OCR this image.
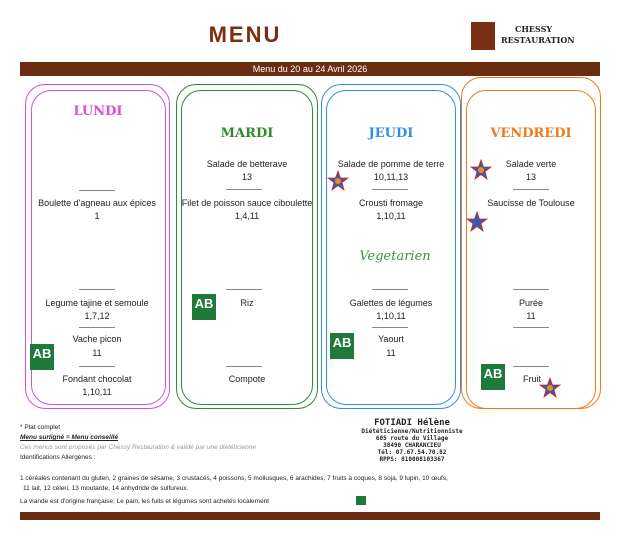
MENU	CHESSY
RESTAURATION
Menu du 20 au 24 Avril 2026
LUNDI
Boulette d'agneau aux épices
1
Legume tajine et semoule
1,7,12
Vache picon
11
Fondant chocolat
1,10,11
AB
MARDI
Salade de betterave
13
Filet de poisson sauce ciboulette
1,4,11
Riz
Compote
AB
JEUDI
Salade de pomme de terre
10,11,13
Crousti fromage
1,10,11
Vegetarien
Galettes de légumes
1,10,11
Yaourt
11
AB
VENDREDI
Salade verte
13
Saucisse de Toulouse
Purée
11
Fruit
AB
* Plat complet
Menu surligné = Menu conseillé
Ces menus sont proposés par Chessy Restauration & validé par une diététicienne
Identifications Allergènes :
1 céréales contenant du gluten, 2 graines de sésame, 3 crustacés, 4 poissons, 5 mollusques, 6 arachides, 7 fruits à coques, 8 soja, 9 lupin, 10 œufs,
11 lait, 12 céleri, 13 moutarde, 14 anhydride de sulfureux.
La viande est d'origine française; Le pain, les fuits et légumes sont achetés localement
FOTIADI Hélène
Diététicienne/Nutritionniste
605 route du Village
38490 CHARANCIEU
Tél: 07.67.54.70.82
RPPS: 810008103367
